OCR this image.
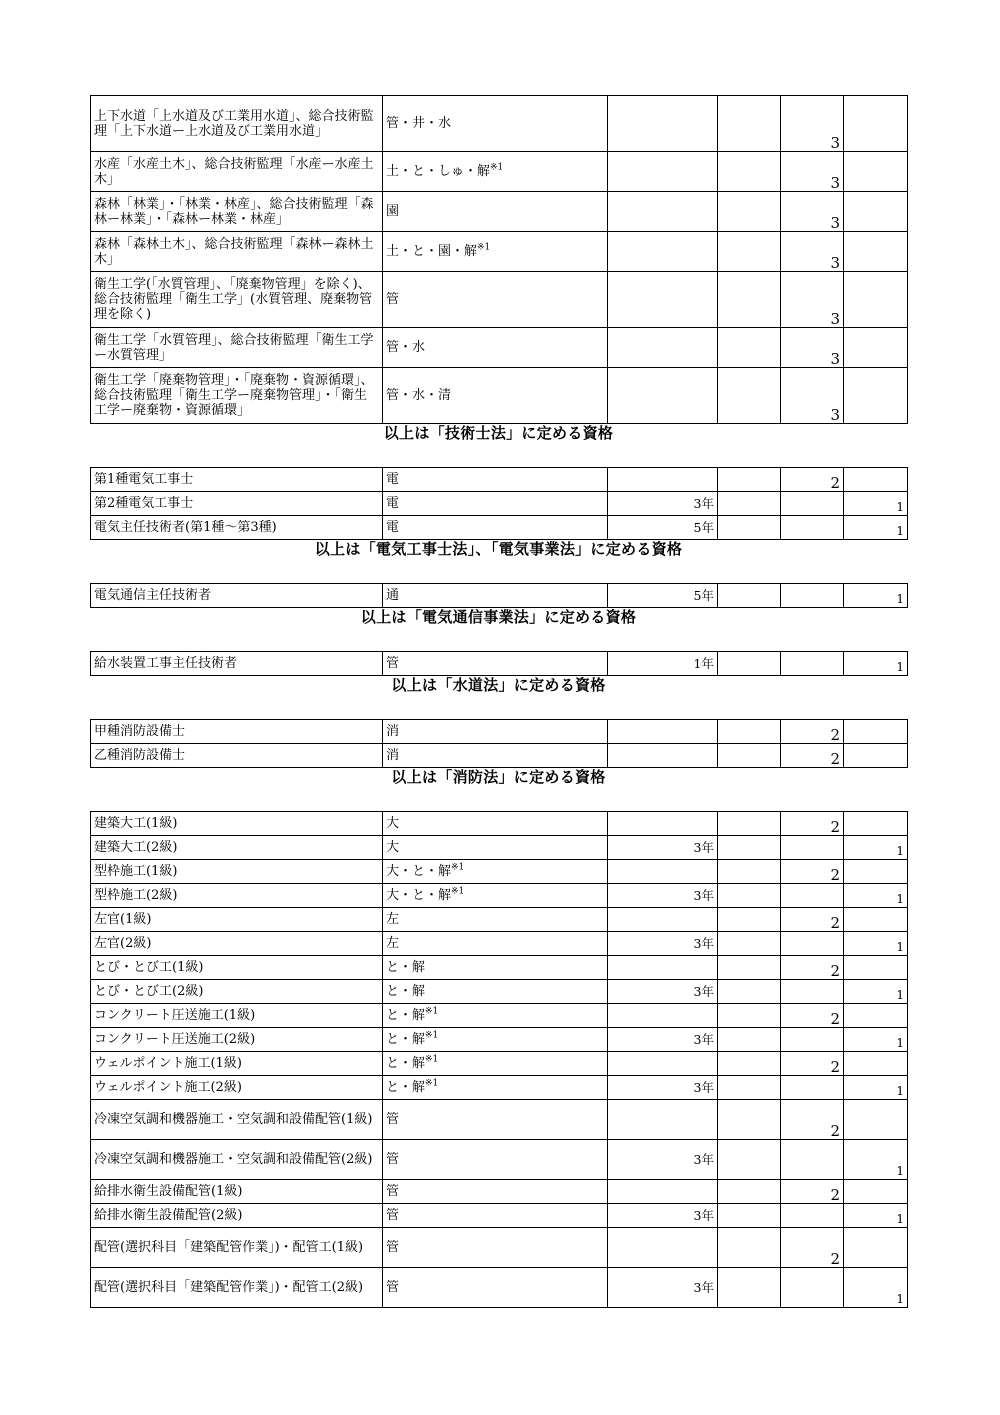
上下水道「上水道及び工業用水道」、総合技術監理「上下水道ー上水道及び工業用水道」	管・井・水			3	
水産「水産土木」、総合技術監理「水産ー水産土木」	土・と・しゅ・解$^{※1}$			3	
森林「林業」・「林業・林産」、総合技術監理「森林ー林業」・「森林ー林業・林産」	園			3	
森林「森林土木」、総合技術監理「森林ー森林土木」	土・と・園・解$^{※1}$			3	
衛生工学(「水質管理」、「廃棄物管理」を除く)、総合技術監理「衛生工学」(水質管理、廃棄物管理を除く)	管			3	
衛生工学「水質管理」、総合技術監理「衛生工学ー水質管理」	管・水			3	
衛生工学「廃棄物管理」・「廃棄物・資源循環」、総合技術監理「衛生工学ー廃棄物管理」・「衛生工学ー廃棄物・資源循環」	管・水・清			3	
以上は「技術士法」に定める資格
第1種電気工事士	電			2	
第2種電気工事士	電	3年			1
電気主任技術者(第1種～第3種)	電	5年			1
以上は「電気工事士法」、「電気事業法」に定める資格
電気通信主任技術者	通	5年			1
以上は「電気通信事業法」に定める資格
給水装置工事主任技術者	管	1年			1
以上は「水道法」に定める資格
甲種消防設備士	消			2	
乙種消防設備士	消			2	
以上は「消防法」に定める資格
建築大工(1級)	大			2	
建築大工(2級)	大	3年			1
型枠施工(1級)	大・と・解$^{※1}$			2	
型枠施工(2級)	大・と・解$^{※1}$	3年			1
左官(1級)	左			2	
左官(2級)	左	3年			1
とび・とび工(1級)	と・解			2	
とび・とび工(2級)	と・解	3年			1
コンクリート圧送施工(1級)	と・解$^{※1}$			2	
コンクリート圧送施工(2級)	と・解$^{※1}$	3年			1
ウェルポイント施工(1級)	と・解$^{※1}$			2	
ウェルポイント施工(2級)	と・解$^{※1}$	3年			1
冷凍空気調和機器施工・空気調和設備配管(1級)	管			2	
冷凍空気調和機器施工・空気調和設備配管(2級)	管	3年			1
給排水衛生設備配管(1級)	管			2	
給排水衛生設備配管(2級)	管	3年			1
配管(選択科目「建築配管作業」)・配管工(1級)	管			2	
配管(選択科目「建築配管作業」)・配管工(2級)	管	3年			1
